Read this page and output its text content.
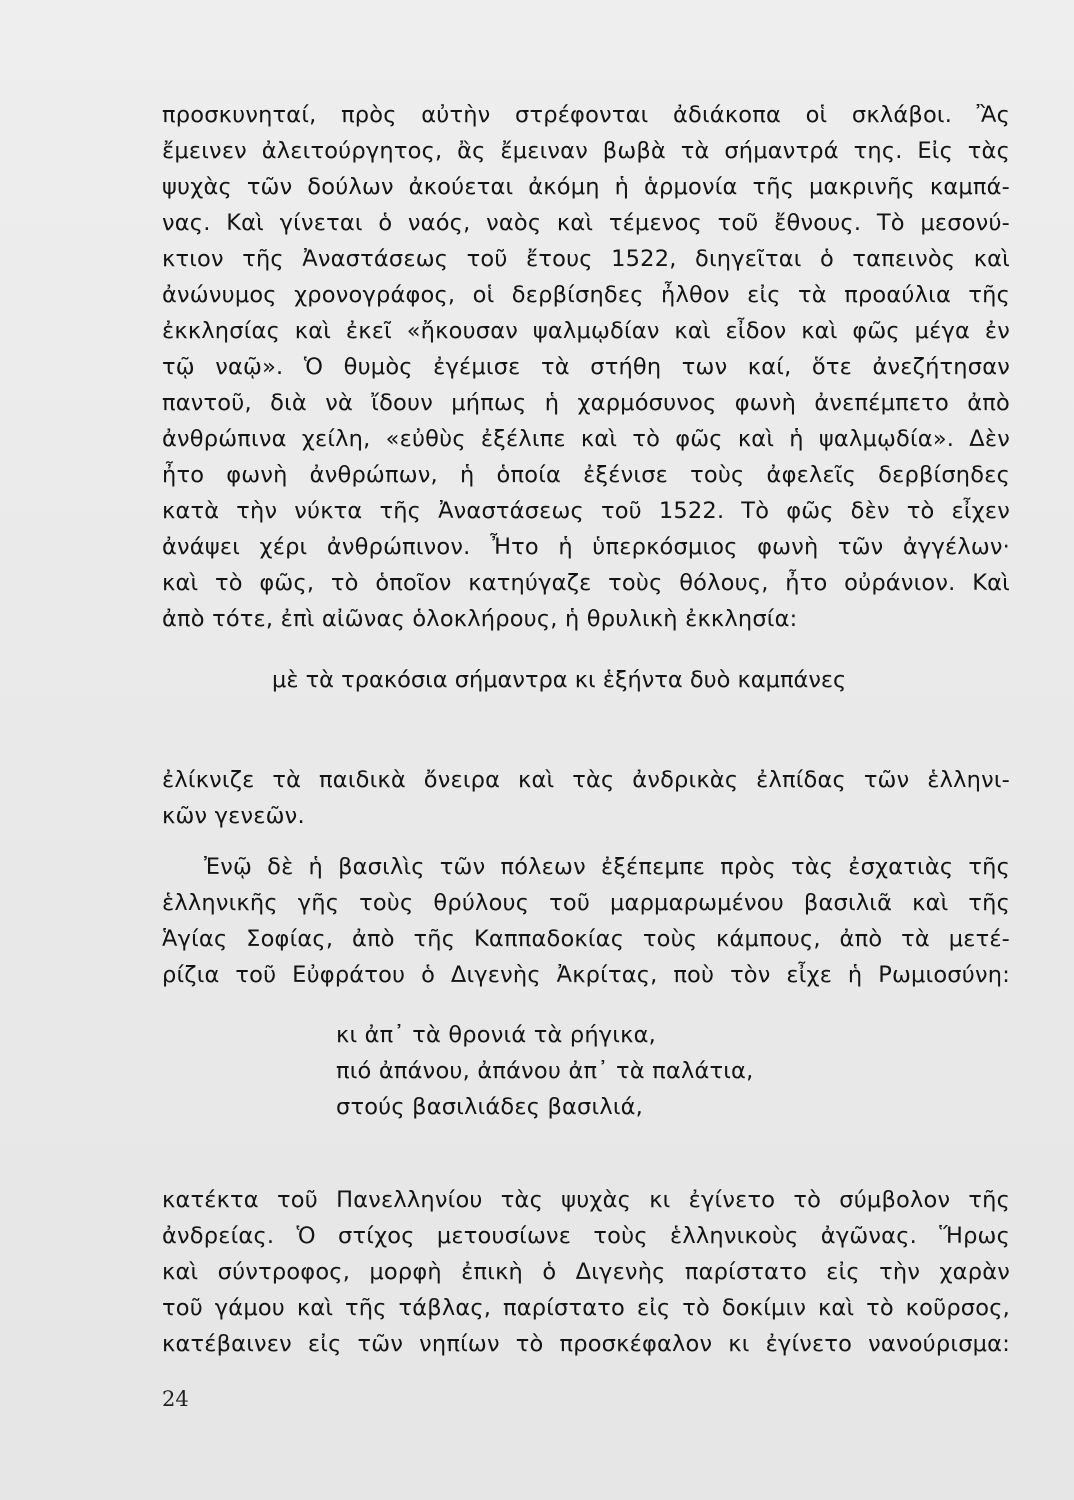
προσκυνηταί, πρὸς αὐτὴν στρέφονται ἀδιάκοπα οἱ σκλάβοι. Ἂς
ἔμεινεν ἀλειτούργητος, ἂς ἔμειναν βωβὰ τὰ σήμαντρά της. Εἰς τὰς
ψυχὰς τῶν δούλων ἀκούεται ἀκόμη ἡ ἁρμονία τῆς μακρινῆς καμπά-
νας. Καὶ γίνεται ὁ ναός, ναὸς καὶ τέμενος τοῦ ἔθνους. Τὸ μεσονύ-
κτιον τῆς Ἀναστάσεως τοῦ ἔτους 1522, διηγεῖται ὁ ταπεινὸς καὶ
ἀνώνυμος χρονογράφος, οἱ δερβίσηδες ἦλθον εἰς τὰ προαύλια τῆς
ἐκκλησίας καὶ ἐκεῖ «ἤκουσαν ψαλμῳδίαν καὶ εἶδον καὶ φῶς μέγα ἐν
τῷ ναῷ». Ὁ θυμὸς ἐγέμισε τὰ στήθη των καί, ὅτε ἀνεζήτησαν
παντοῦ, διὰ νὰ ἴδουν μήπως ἡ χαρμόσυνος φωνὴ ἀνεπέμπετο ἀπὸ
ἀνθρώπινα χείλη, «εὐθὺς ἐξέλιπε καὶ τὸ φῶς καὶ ἡ ψαλμῳδία». Δὲν
ἦτο φωνὴ ἀνθρώπων, ἡ ὁποία ἐξένισε τοὺς ἀφελεῖς δερβίσηδες
κατὰ τὴν νύκτα τῆς Ἀναστάσεως τοῦ 1522. Τὸ φῶς δὲν τὸ εἶχεν
ἀνάψει χέρι ἀνθρώπινον. Ἦτο ἡ ὑπερκόσμιος φωνὴ τῶν ἀγγέλων·
καὶ τὸ φῶς, τὸ ὁποῖον κατηύγαζε τοὺς θόλους, ἦτο οὐράνιον. Καὶ
ἀπὸ τότε, ἐπὶ αἰῶνας ὁλοκλήρους, ἡ θρυλικὴ ἐκκλησία:
μὲ τὰ τρακόσια σήμαντρα κι ἑξήντα δυὸ καμπάνες
ἐλίκνιζε τὰ παιδικὰ ὄνειρα καὶ τὰς ἀνδρικὰς ἐλπίδας τῶν ἑλληνι-
κῶν γενεῶν.
Ἐνῷ δὲ ἡ βασιλὶς τῶν πόλεων ἐξέπεμπε πρὸς τὰς ἐσχατιὰς τῆς
ἑλληνικῆς γῆς τοὺς θρύλους τοῦ μαρμαρωμένου βασιλιᾶ καὶ τῆς
Ἁγίας Σοφίας, ἀπὸ τῆς Καππαδοκίας τοὺς κάμπους, ἀπὸ τὰ μετέ-
ρίζια τοῦ Εὐφράτου ὁ Διγενὴς Ἀκρίτας, ποὺ τὸν εἶχε ἡ Ρωμιοσύνη:
κι ἀπ᾽ τὰ θρονιά τὰ ρήγικα,
πιό ἀπάνου, ἀπάνου ἀπ᾽ τὰ παλάτια,
στούς βασιλιάδες βασιλιά,
κατέκτα τοῦ Πανελληνίου τὰς ψυχὰς κι ἐγίνετο τὸ σύμβολον τῆς
ἀνδρείας. Ὁ στίχος μετουσίωνε τοὺς ἑλληνικοὺς ἀγῶνας. Ἥρως
καὶ σύντροφος, μορφὴ ἐπικὴ ὁ Διγενὴς παρίστατο εἰς τὴν χαρὰν
τοῦ γάμου καὶ τῆς τάβλας, παρίστατο εἰς τὸ δοκίμιν καὶ τὸ κοῦρσος,
κατέβαινεν εἰς τῶν νηπίων τὸ προσκέφαλον κι ἐγίνετο νανούρισμα:
24
